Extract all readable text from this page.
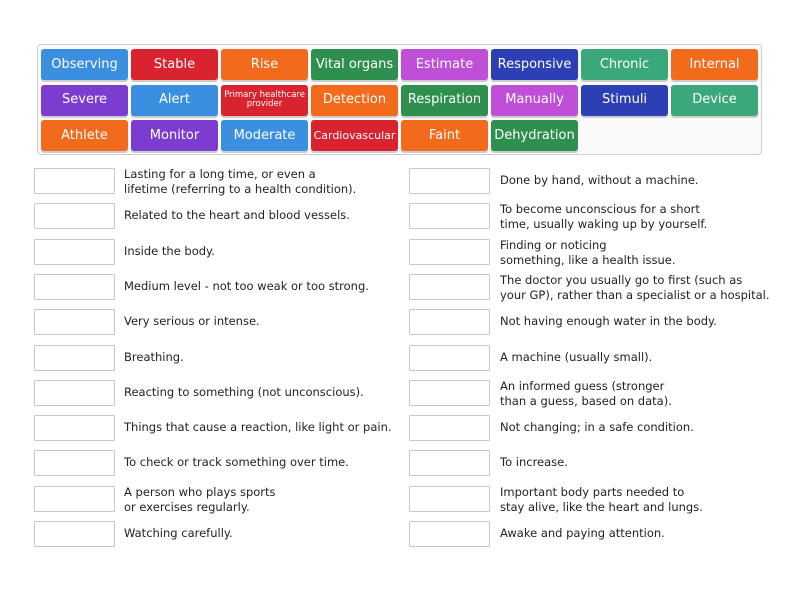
Observing	Stable	Rise	Vital organs	Estimate	Responsive	Chronic	Internal
Severe	Alert	Primary healthcare provider	Detection	Respiration	Manually	Stimuli	Device
Athlete	Monitor	Moderate	Cardiovascular	Faint	Dehydration
Lasting for a long time, or even a
lifetime (referring to a health condition).
Related to the heart and blood vessels.
Inside the body.
Medium level - not too weak or too strong.
Very serious or intense.
Breathing.
Reacting to something (not unconscious).
Things that cause a reaction, like light or pain.
To check or track something over time.
A person who plays sports
or exercises regularly.
Watching carefully.
Done by hand, without a machine.
To become unconscious for a short
time, usually waking up by yourself.
Finding or noticing
something, like a health issue.
The doctor you usually go to first (such as
your GP), rather than a specialist or a hospital.
Not having enough water in the body.
A machine (usually small).
An informed guess (stronger
than a guess, based on data).
Not changing; in a safe condition.
To increase.
Important body parts needed to
stay alive, like the heart and lungs.
Awake and paying attention.
